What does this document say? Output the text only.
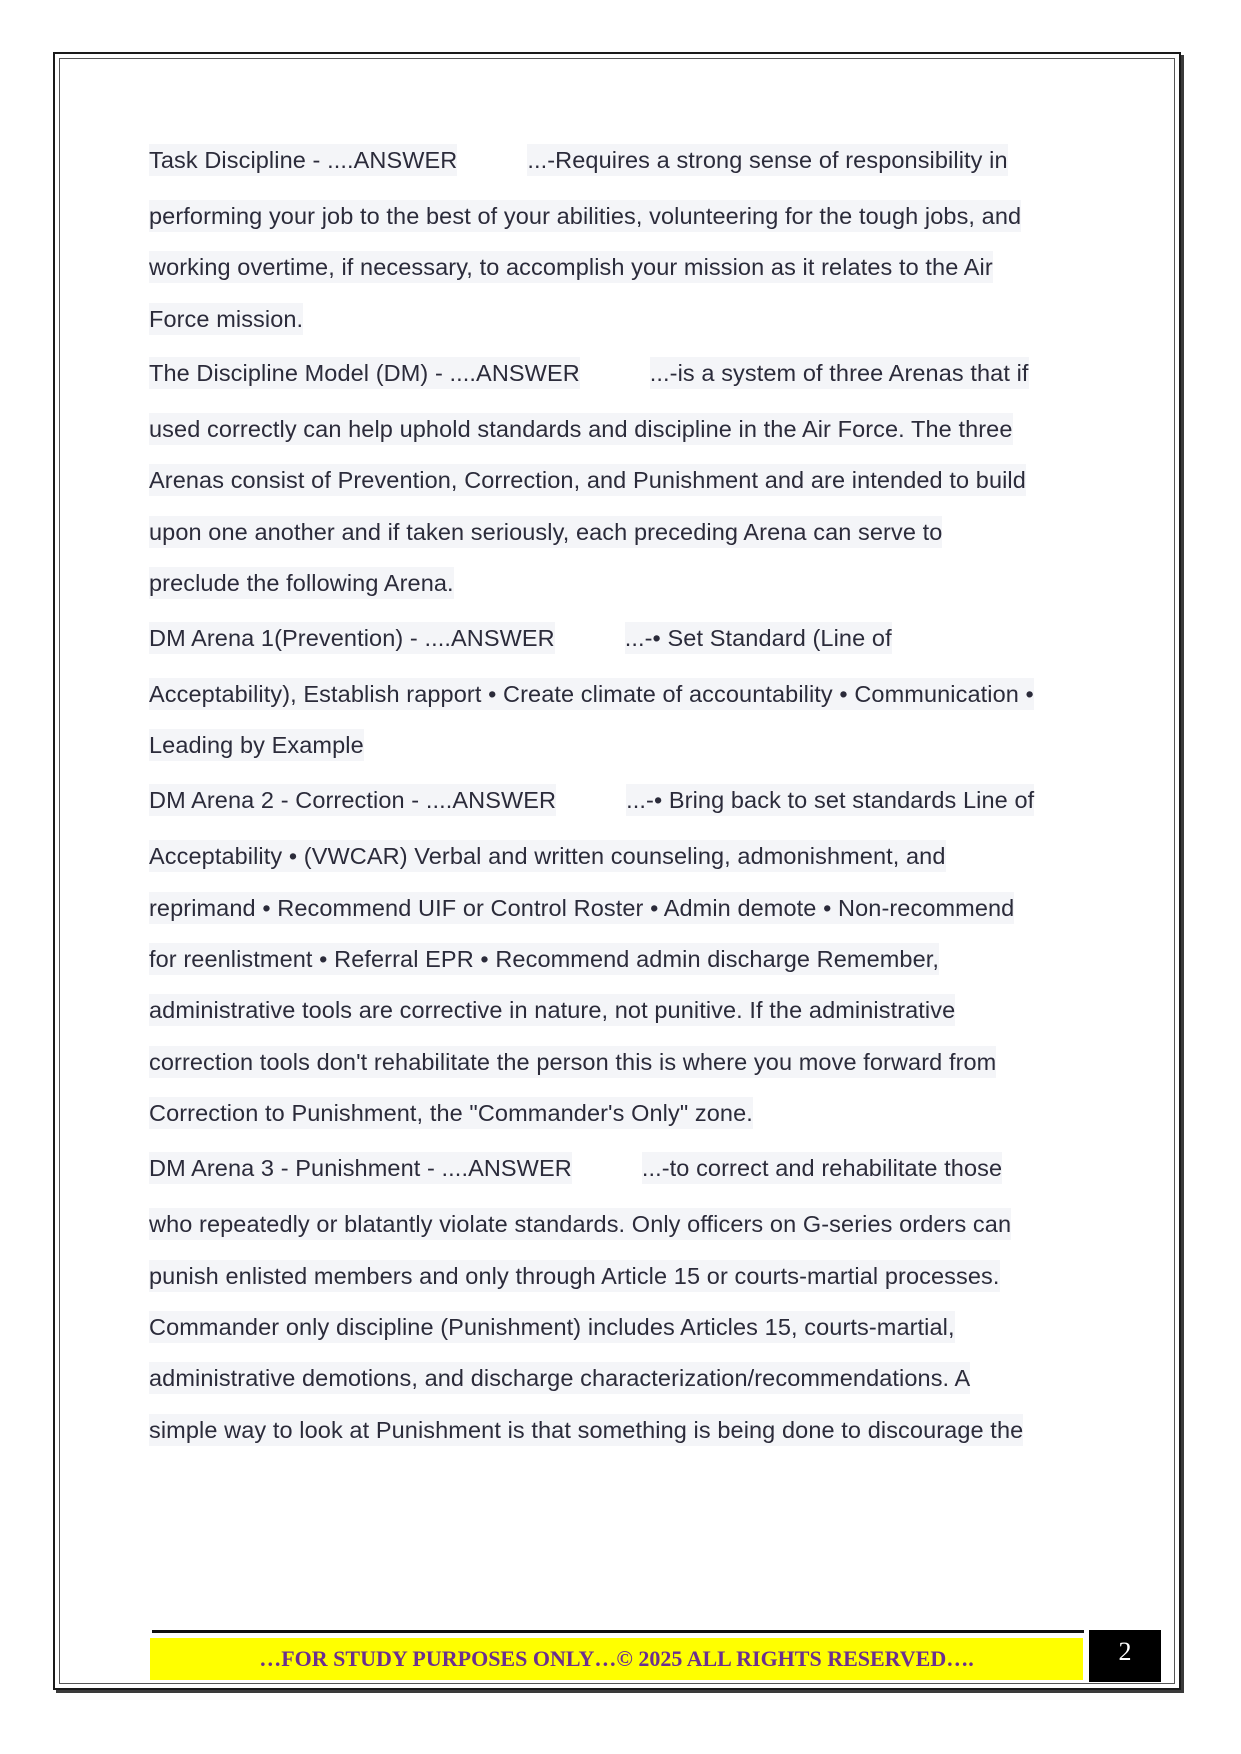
Task Discipline - ....ANSWER	...-Requires a strong sense of responsibility in
performing your job to the best of your abilities, volunteering for the tough jobs, and
working overtime, if necessary, to accomplish your mission as it relates to the Air
Force mission.
The Discipline Model (DM) - ....ANSWER	...-is a system of three Arenas that if
used correctly can help uphold standards and discipline in the Air Force. The three
Arenas consist of Prevention, Correction, and Punishment and are intended to build
upon one another and if taken seriously, each preceding Arena can serve to
preclude the following Arena.
DM Arena 1(Prevention) - ....ANSWER	...-• Set Standard (Line of
Acceptability), Establish rapport • Create climate of accountability • Communication •
Leading by Example
DM Arena 2 - Correction - ....ANSWER	...-• Bring back to set standards Line of
Acceptability • (VWCAR) Verbal and written counseling, admonishment, and
reprimand • Recommend UIF or Control Roster • Admin demote • Non-recommend
for reenlistment • Referral EPR • Recommend admin discharge Remember,
administrative tools are corrective in nature, not punitive. If the administrative
correction tools don't rehabilitate the person this is where you move forward from
Correction to Punishment, the "Commander's Only" zone.
DM Arena 3 - Punishment - ....ANSWER	...-to correct and rehabilitate those
who repeatedly or blatantly violate standards. Only officers on G-series orders can
punish enlisted members and only through Article 15 or courts-martial processes.
Commander only discipline (Punishment) includes Articles 15, courts-martial,
administrative demotions, and discharge characterization/recommendations. A
simple way to look at Punishment is that something is being done to discourage the
…FOR STUDY PURPOSES ONLY…© 2025 ALL RIGHTS RESERVED….	2
